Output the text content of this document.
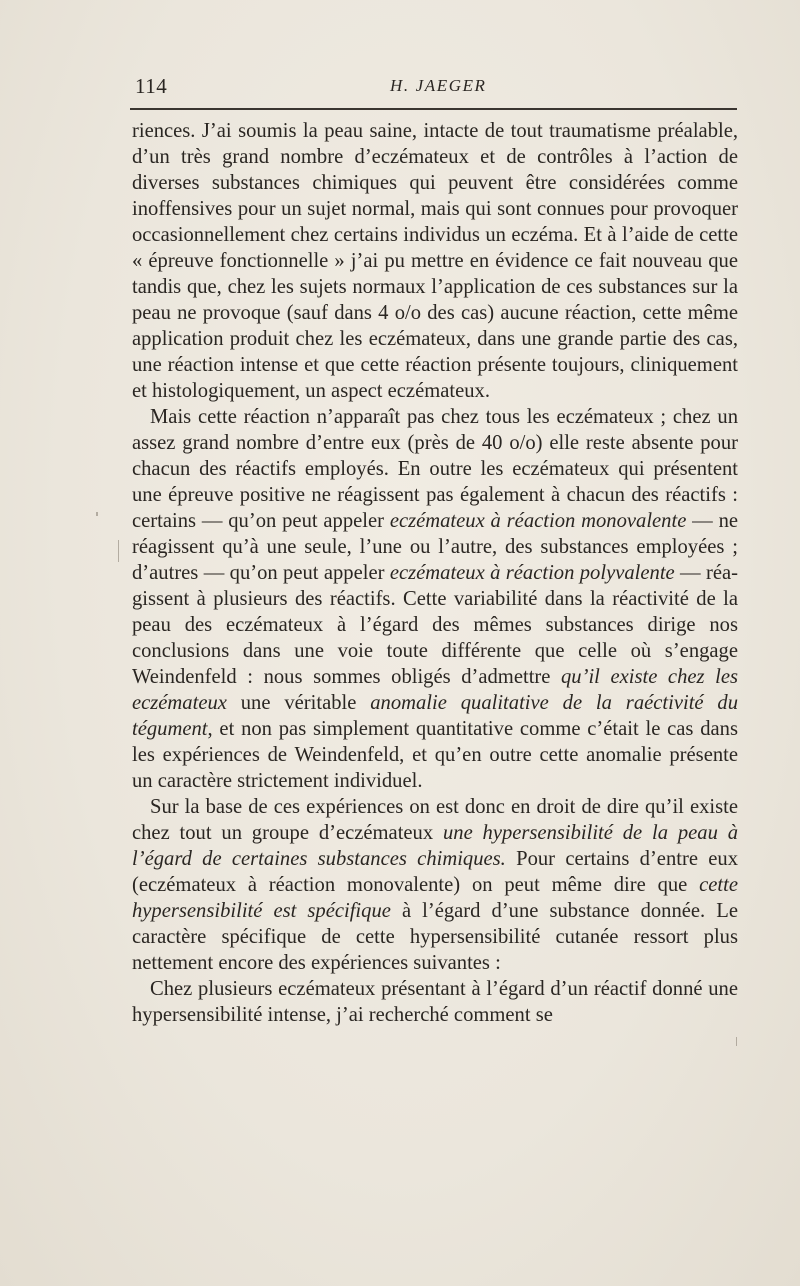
114	H. JAEGER

riences. J’ai soumis la peau saine, intacte de tout traumatisme préalable, d’un très grand nombre d’eczémateux et de contrôles à l’action de diverses substances chimiques qui peuvent être considérées comme inoffensives pour un sujet normal, mais qui sont connues pour provoquer occasionnellement chez certains individus un eczéma. Et à l’aide de cette « épreuve fonctionnelle » j’ai pu mettre en évidence ce fait nouveau que tandis que, chez les sujets normaux l’application de ces substances sur la peau ne provoque (sauf dans 4 o/o des cas) aucune réaction, cette même application produit chez les eczémateux, dans une grande partie des cas, une réaction intense et que cette réaction présente toujours, cliniquement et histologiquement, un aspect eczémateux.

Mais cette réaction n’apparaît pas chez tous les eczémateux ; chez un assez grand nombre d’entre eux (près de 40 o/o) elle reste absente pour chacun des réactifs employés. En outre les eczémateux qui présentent une épreuve positive ne réagissent pas également à chacun des réactifs : certains — qu’on peut appeler eczémateux à réaction monovalente — ne réagissent qu’à une seule, l’une ou l’autre, des substances employées ; d’autres — qu’on peut appeler eczémateux à réaction polyvalente — réagissent à plusieurs des réactifs. Cette variabilité dans la réactivité de la peau des eczémateux à l’égard des mêmes substances dirige nos conclusions dans une voie toute différente que celle où s’engage Weindenfeld : nous sommes obligés d’admettre qu’il existe chez les eczémateux une véritable anomalie qualitative de la raéctivité du tégument, et non pas simplement quantitative comme c’était le cas dans les expériences de Weindenfeld, et qu’en outre cette anomalie présente un caractère strictement individuel.

Sur la base de ces expériences on est donc en droit de dire qu’il existe chez tout un groupe d’eczémateux une hypersensibilité de la peau à l’égard de certaines substances chimiques. Pour certains d’entre eux (eczémateux à réaction monovalente) on peut même dire que cette hypersensibilité est spécifique à l’égard d’une substance donnée. Le caractère spécifique de cette hypersensibilité cutanée ressort plus nettement encore des expériences suivantes :

Chez plusieurs eczémateux présentant à l’égard d’un réactif donné une hypersensibilité intense, j’ai recherché comment se
